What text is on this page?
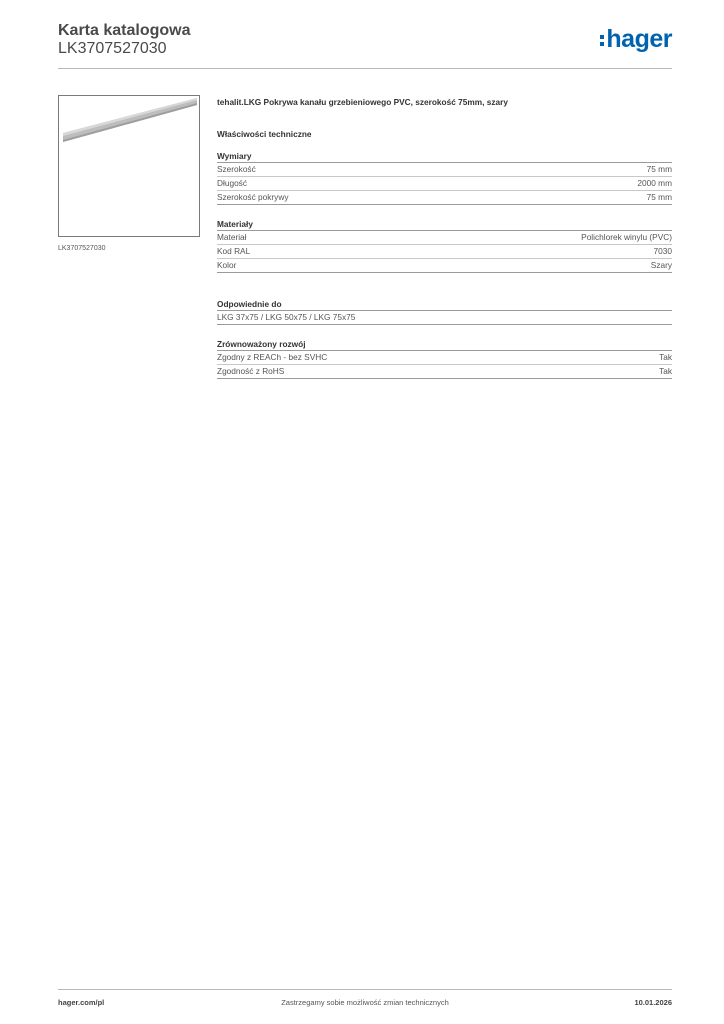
Karta katalogowa
LK3707527030	hager
LK3707527030
tehalit.LKG Pokrywa kanału grzebieniowego PVC, szerokość 75mm, szary
Właściwości techniczne
Wymiary
Szerokość	75 mm
Długość	2000 mm
Szerokość pokrywy	75 mm
Materiały
Materiał	Polichlorek winylu (PVC)
Kod RAL	7030
Kolor	Szary
Odpowiednie do
LKG 37x75 / LKG 50x75 / LKG 75x75
Zrównoważony rozwój
Zgodny z REACh - bez SVHC	Tak
Zgodność z RoHS	Tak
hager.com/pl	Zastrzegamy sobie możliwość zmian technicznych	10.01.2026
